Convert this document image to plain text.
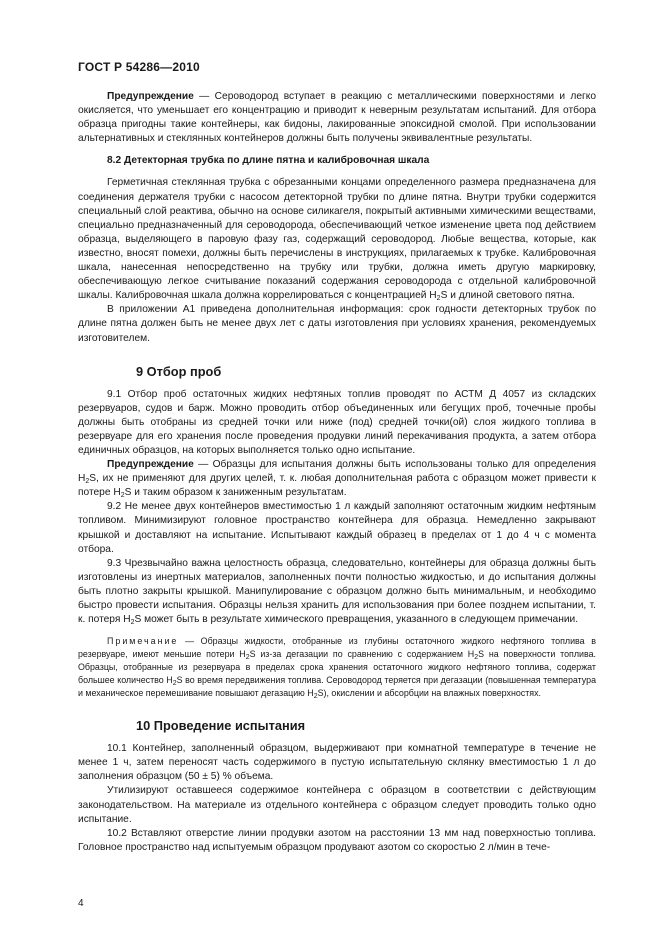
ГОСТ Р 54286—2010

Предупреждение — Сероводород вступает в реакцию с металлическими поверхностями и легко окисляется, что уменьшает его концентрацию и приводит к неверным результатам испытаний. Для отбора образца пригодны такие контейнеры, как бидоны, лакированные эпоксидной смолой. При использовании альтернативных и стеклянных контейнеров должны быть получены эквивалентные результаты.

8.2 Детекторная трубка по длине пятна и калибровочная шкала

Герметичная стеклянная трубка с обрезанными концами определенного размера предназначена для соединения держателя трубки с насосом детекторной трубки по длине пятна. Внутри трубки содержится специальный слой реактива, обычно на основе силикагеля, покрытый активными химическими веществами, специально предназначенный для сероводорода, обеспечивающий четкое изменение цвета под действием образца, выделяющего в паровую фазу газ, содержащий сероводород. Любые вещества, которые, как известно, вносят помехи, должны быть перечислены в инструкциях, прилагаемых к трубке. Калибровочная шкала, нанесенная непосредственно на трубку или трубки, должна иметь другую маркировку, обеспечивающую легкое считывание показаний содержания сероводорода с отдельной калибровочной шкалы. Калибровочная шкала должна коррелироваться с концентрацией $H_2S$ и длиной светового пятна.

В приложении А1 приведена дополнительная информация: срок годности детекторных трубок по длине пятна должен быть не менее двух лет с даты изготовления при условиях хранения, рекомендуемых изготовителем.

9 Отбор проб

9.1 Отбор проб остаточных жидких нефтяных топлив проводят по АСТМ Д 4057 из складских резервуаров, судов и барж. Можно проводить отбор объединенных или бегущих проб, точечные пробы должны быть отобраны из средней точки или ниже (под) средней точки(ой) слоя жидкого топлива в резервуаре для его хранения после проведения продувки линий перекачивания продукта, а затем отбора единичных образцов, на которых выполняется только одно испытание.

Предупреждение — Образцы для испытания должны быть использованы только для определения $H_2S$, их не применяют для других целей, т. к. любая дополнительная работа с образцом может привести к потере $H_2S$ и таким образом к заниженным результатам.

9.2 Не менее двух контейнеров вместимостью 1 л каждый заполняют остаточным жидким нефтяным топливом. Минимизируют головное пространство контейнера для образца. Немедленно закрывают крышкой и доставляют на испытание. Испытывают каждый образец в пределах от 1 до 4 ч с момента отбора.

9.3 Чрезвычайно важна целостность образца, следовательно, контейнеры для образца должны быть изготовлены из инертных материалов, заполненных почти полностью жидкостью, и до испытания должны быть плотно закрыты крышкой. Манипулирование с образцом должно быть минимальным, и необходимо быстро провести испытания. Образцы нельзя хранить для использования при более позднем испытании, т. к. потеря $H_2S$ может быть в результате химического превращения, указанного в следующем примечании.

Примечание — Образцы жидкости, отобранные из глубины остаточного жидкого нефтяного топлива в резервуаре, имеют меньшие потери $H_2S$ из-за дегазации по сравнению с содержанием $H_2S$ на поверхности топлива. Образцы, отобранные из резервуара в пределах срока хранения остаточного жидкого нефтяного топлива, содержат большее количество $H_2S$ во время передвижения топлива. Сероводород теряется при дегазации (повышенная температура и механическое перемешивание повышают дегазацию $H_2S$), окислении и абсорбции на влажных поверхностях.

10 Проведение испытания

10.1 Контейнер, заполненный образцом, выдерживают при комнатной температуре в течение не менее 1 ч, затем переносят часть содержимого в пустую испытательную склянку вместимостью 1 л до заполнения образцом (50 ± 5) % объема.

Утилизируют оставшееся содержимое контейнера с образцом в соответствии с действующим законодательством. На материале из отдельного контейнера с образцом следует проводить только одно испытание.

10.2 Вставляют отверстие линии продувки азотом на расстоянии 13 мм над поверхностью топлива. Головное пространство над испытуемым образцом продувают азотом со скоростью 2 л/мин в тече-

4
